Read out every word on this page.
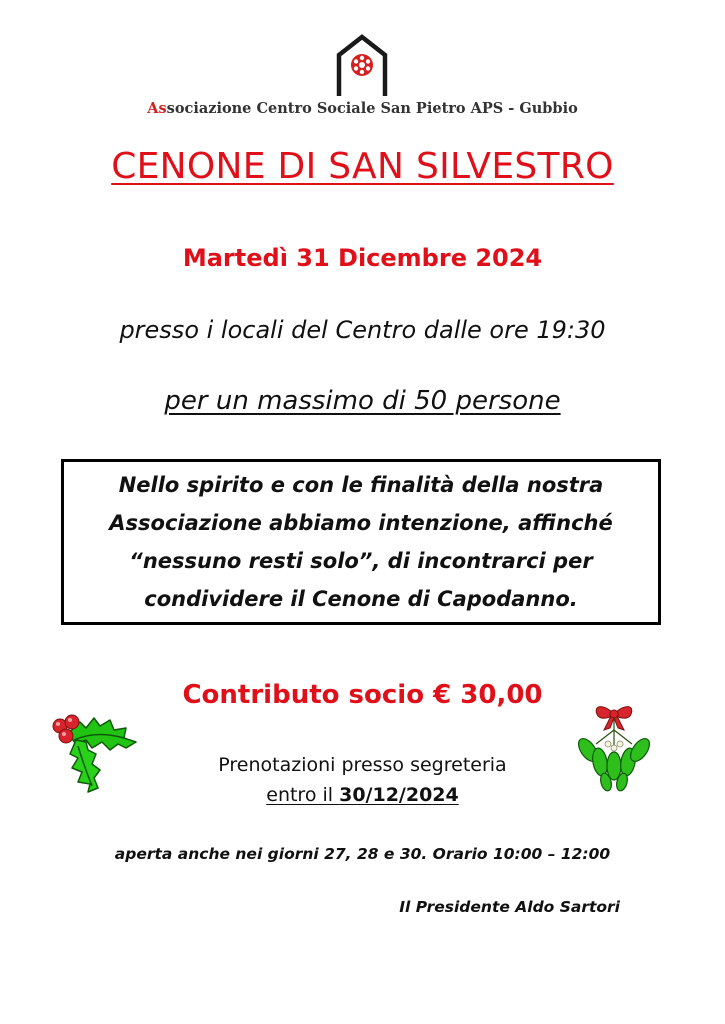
Associazione Centro Sociale San Pietro APS - Gubbio
CENONE DI SAN SILVESTRO
Martedì 31 Dicembre 2024
presso i locali del Centro dalle ore 19:30
per un massimo di 50 persone
Nello spirito e con le finalità della nostra
Associazione abbiamo intenzione, affinché
“nessuno resti solo”, di incontrarci per
condividere il Cenone di Capodanno.
Contributo socio € 30,00
Prenotazioni presso segreteria
entro il 30/12/2024
aperta anche nei giorni 27, 28 e 30. Orario 10:00 – 12:00
Il Presidente Aldo Sartori
